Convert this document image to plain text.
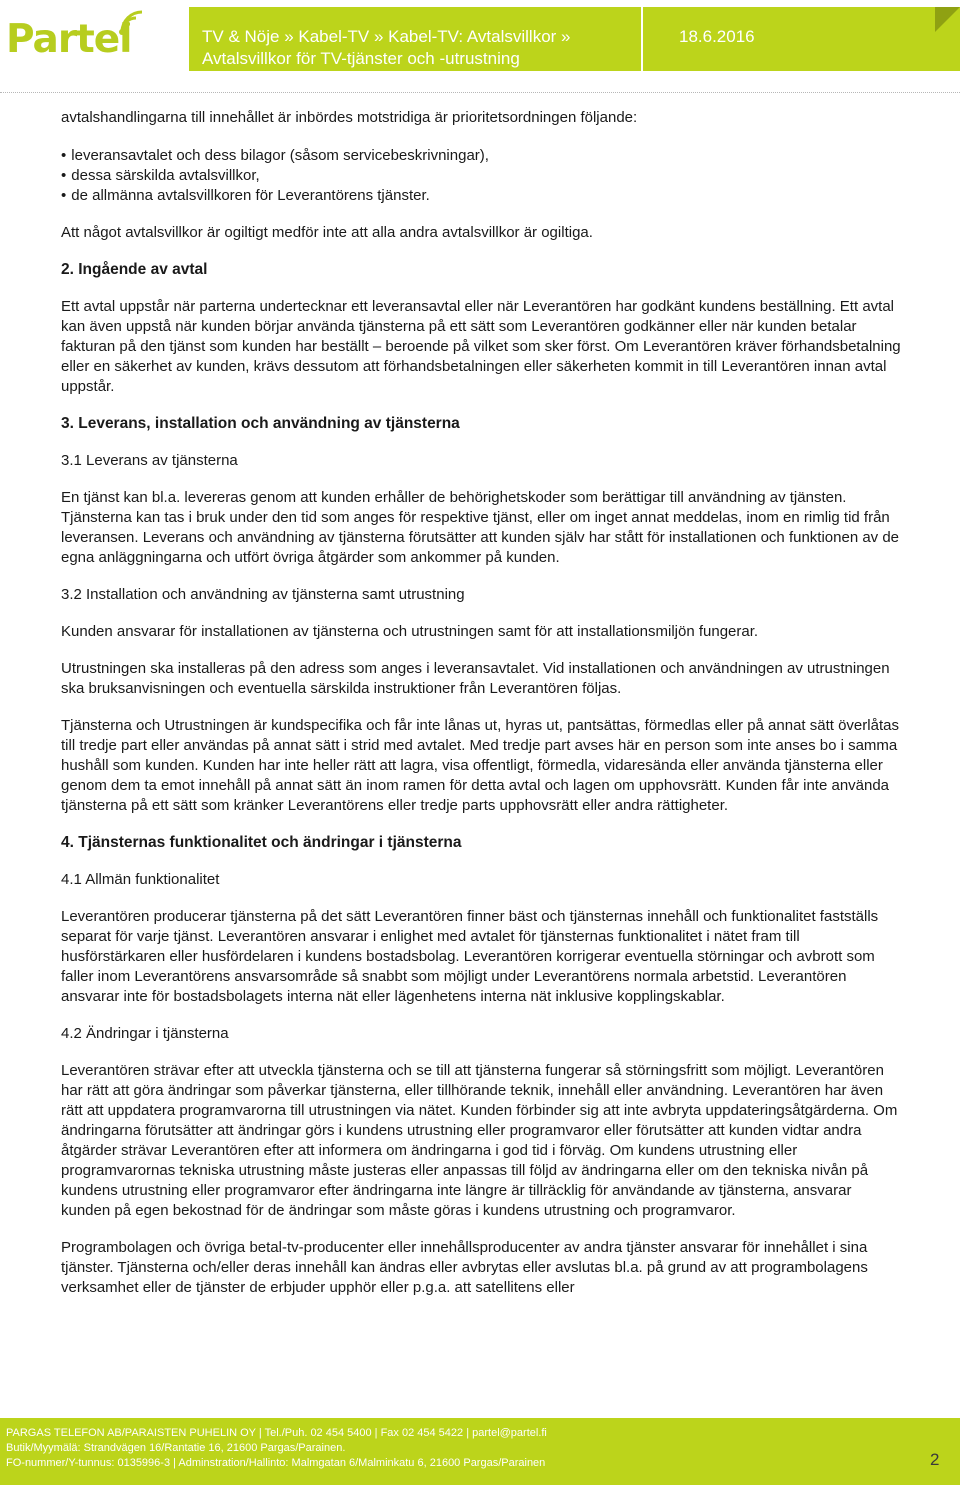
Partel	TV & Nöje » Kabel-TV » Kabel-TV: Avtalsvillkor »
Avtalsvillkor för TV-tjänster och -utrustning
18.6.2016

avtalshandlingarna till innehållet är inbördes motstridiga är prioritetsordningen följande:

• leveransavtalet och dess bilagor (såsom servicebeskrivningar),
• dessa särskilda avtalsvillkor,
• de allmänna avtalsvillkoren för Leverantörens tjänster.

Att något avtalsvillkor är ogiltigt medför inte att alla andra avtalsvillkor är ogiltiga.

2. Ingående av avtal

Ett avtal uppstår när parterna undertecknar ett leveransavtal eller när Leverantören har godkänt kundens beställning. Ett avtal kan även uppstå när kunden börjar använda tjänsterna på ett sätt som Leverantören godkänner eller när kunden betalar fakturan på den tjänst som kunden har beställt – beroende på vilket som sker först. Om Leverantören kräver förhandsbetalning eller en säkerhet av kunden, krävs dessutom att förhandsbetalningen eller säkerheten kommit in till Leverantören innan avtal uppstår.

3. Leverans, installation och användning av tjänsterna

3.1 Leverans av tjänsterna

En tjänst kan bl.a. levereras genom att kunden erhåller de behörighetskoder som berättigar till användning av tjänsten. Tjänsterna kan tas i bruk under den tid som anges för respektive tjänst, eller om inget annat meddelas, inom en rimlig tid från leveransen. Leverans och användning av tjänsterna förutsätter att kunden själv har stått för installationen och funktionen av de egna anläggningarna och utfört övriga åtgärder som ankommer på kunden.

3.2 Installation och användning av tjänsterna samt utrustning

Kunden ansvarar för installationen av tjänsterna och utrustningen samt för att installationsmiljön fungerar.

Utrustningen ska installeras på den adress som anges i leveransavtalet. Vid installationen och användningen av utrustningen ska bruksanvisningen och eventuella särskilda instruktioner från Leverantören följas.

Tjänsterna och Utrustningen är kundspecifika och får inte lånas ut, hyras ut, pantsättas, förmedlas eller på annat sätt överlåtas till tredje part eller användas på annat sätt i strid med avtalet. Med tredje part avses här en person som inte anses bo i samma hushåll som kunden. Kunden har inte heller rätt att lagra, visa offentligt, förmedla, vidaresända eller använda tjänsterna eller genom dem ta emot innehåll på annat sätt än inom ramen för detta avtal och lagen om upphovsrätt. Kunden får inte använda tjänsterna på ett sätt som kränker Leverantörens eller tredje parts upphovsrätt eller andra rättigheter.

4. Tjänsternas funktionalitet och ändringar i tjänsterna

4.1 Allmän funktionalitet

Leverantören producerar tjänsterna på det sätt Leverantören finner bäst och tjänsternas innehåll och funktionalitet fastställs separat för varje tjänst. Leverantören ansvarar i enlighet med avtalet för tjänsternas funktionalitet i nätet fram till husförstärkaren eller husfördelaren i kundens bostadsbolag. Leverantören korrigerar eventuella störningar och avbrott som faller inom Leverantörens ansvarsområde så snabbt som möjligt under Leverantörens normala arbetstid. Leverantören ansvarar inte för bostadsbolagets interna nät eller lägenhetens interna nät inklusive kopplingskablar.

4.2 Ändringar i tjänsterna

Leverantören strävar efter att utveckla tjänsterna och se till att tjänsterna fungerar så störningsfritt som möjligt. Leverantören har rätt att göra ändringar som påverkar tjänsterna, eller tillhörande teknik, innehåll eller användning. Leverantören har även rätt att uppdatera programvarorna till utrustningen via nätet. Kunden förbinder sig att inte avbryta uppdateringsåtgärderna. Om ändringarna förutsätter att ändringar görs i kundens utrustning eller programvaror eller förutsätter att kunden vidtar andra åtgärder strävar Leverantören efter att informera om ändringarna i god tid i förväg. Om kundens utrustning eller programvarornas tekniska utrustning måste justeras eller anpassas till följd av ändringarna eller om den tekniska nivån på kundens utrustning eller programvaror efter ändringarna inte längre är tillräcklig för användande av tjänsterna, ansvarar kunden på egen bekostnad för de ändringar som måste göras i kundens utrustning och programvaror.

Programbolagen och övriga betal-tv-producenter eller innehållsproducenter av andra tjänster ansvarar för innehållet i sina tjänster. Tjänsterna och/eller deras innehåll kan ändras eller avbrytas eller avslutas bl.a. på grund av att programbolagens verksamhet eller de tjänster de erbjuder upphör eller p.g.a. att satellitens eller

PARGAS TELEFON AB/PARAISTEN PUHELIN OY | Tel./Puh. 02 454 5400 | Fax 02 454 5422 | partel@partel.fi
Butik/Myymälä: Strandvägen 16/Rantatie 16, 21600 Pargas/Parainen.
FO-nummer/Y-tunnus: 0135996-3 | Adminstration/Hallinto: Malmgatan 6/Malminkatu 6, 21600 Pargas/Parainen	2
